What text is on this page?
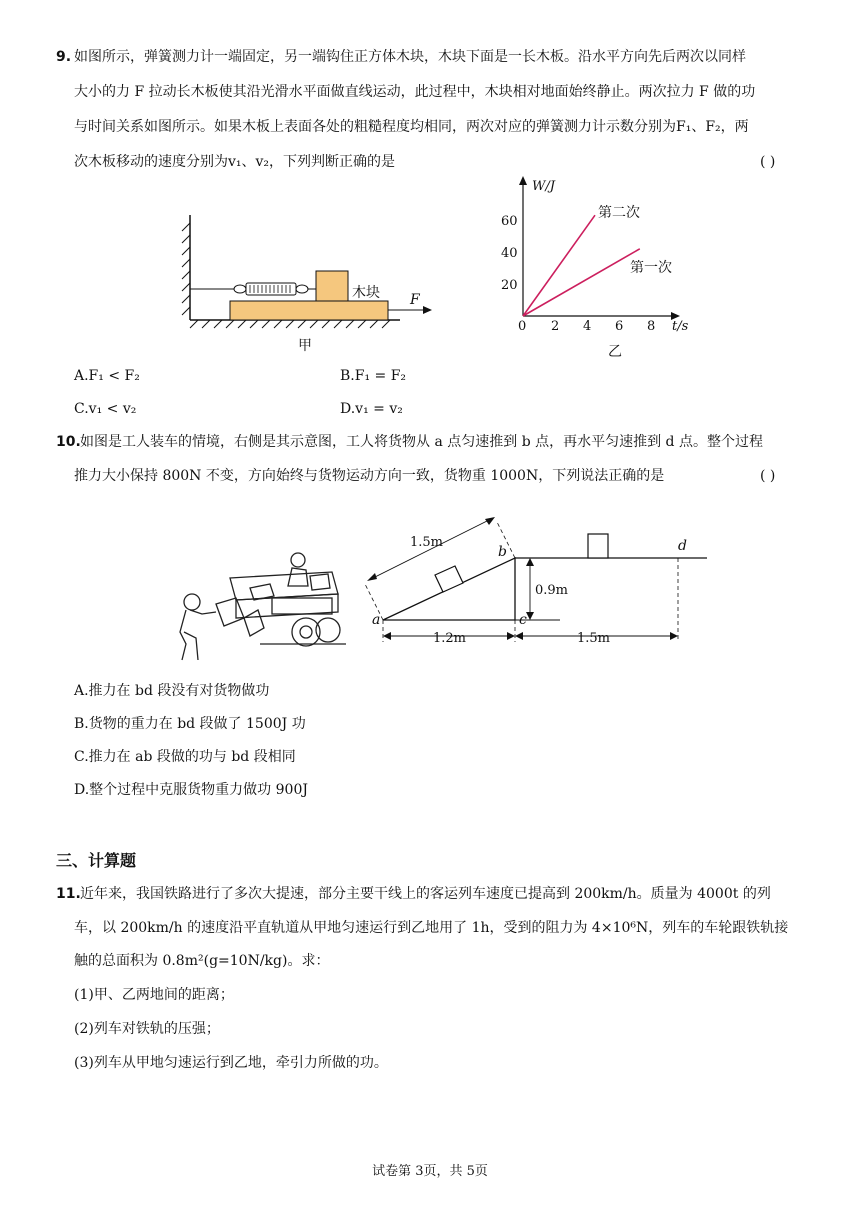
9. 如图所示，弹簧测力计一端固定，另一端钩住正方体木块，木块下面是一长木板。沿水平方向先后两次以同样
大小的力 F 拉动长木板使其沿光滑水平面做直线运动，此过程中，木块相对地面始终静止。两次拉力 F 做的功
与时间关系如图所示。如果木板上表面各处的粗糙程度均相同，两次对应的弹簧测力计示数分别为F₁、F₂，两
次木板移动的速度分别为v₁、v₂，下列判断正确的是	( )
木块 F
甲
W/J
t/s
0
20
40
60
2 4 6 8
第二次
第一次
乙
A.F₁ < F₂	B.F₁ = F₂
C.v₁ < v₂	D.v₁ = v₂
10. 如图是工人装车的情境，右侧是其示意图，工人将货物从 a 点匀速推到 b 点，再水平匀速推到 d 点。整个过程
推力大小保持 800N 不变，方向始终与货物运动方向一致，货物重 1000N，下列说法正确的是	( )
1.5m
0.9m
1.2m	1.5m
a
b
c
d
A.推力在 bd 段没有对货物做功
B.货物的重力在 bd 段做了 1500J 功
C.推力在 ab 段做的功与 bd 段相同
D.整个过程中克服货物重力做功 900J
三、计算题
11. 近年来，我国铁路进行了多次大提速，部分主要干线上的客运列车速度已提高到 200km/h。质量为 4000t 的列
车，以 200km/h 的速度沿平直轨道从甲地匀速运行到乙地用了 1h，受到的阻力为 4×10⁶N，列车的车轮跟铁轨接
触的总面积为 0.8m²(g=10N/kg)。求：
(1)甲、乙两地间的距离；
(2)列车对铁轨的压强；
(3)列车从甲地匀速运行到乙地，牵引力所做的功。
试卷第 3页，共 5页
